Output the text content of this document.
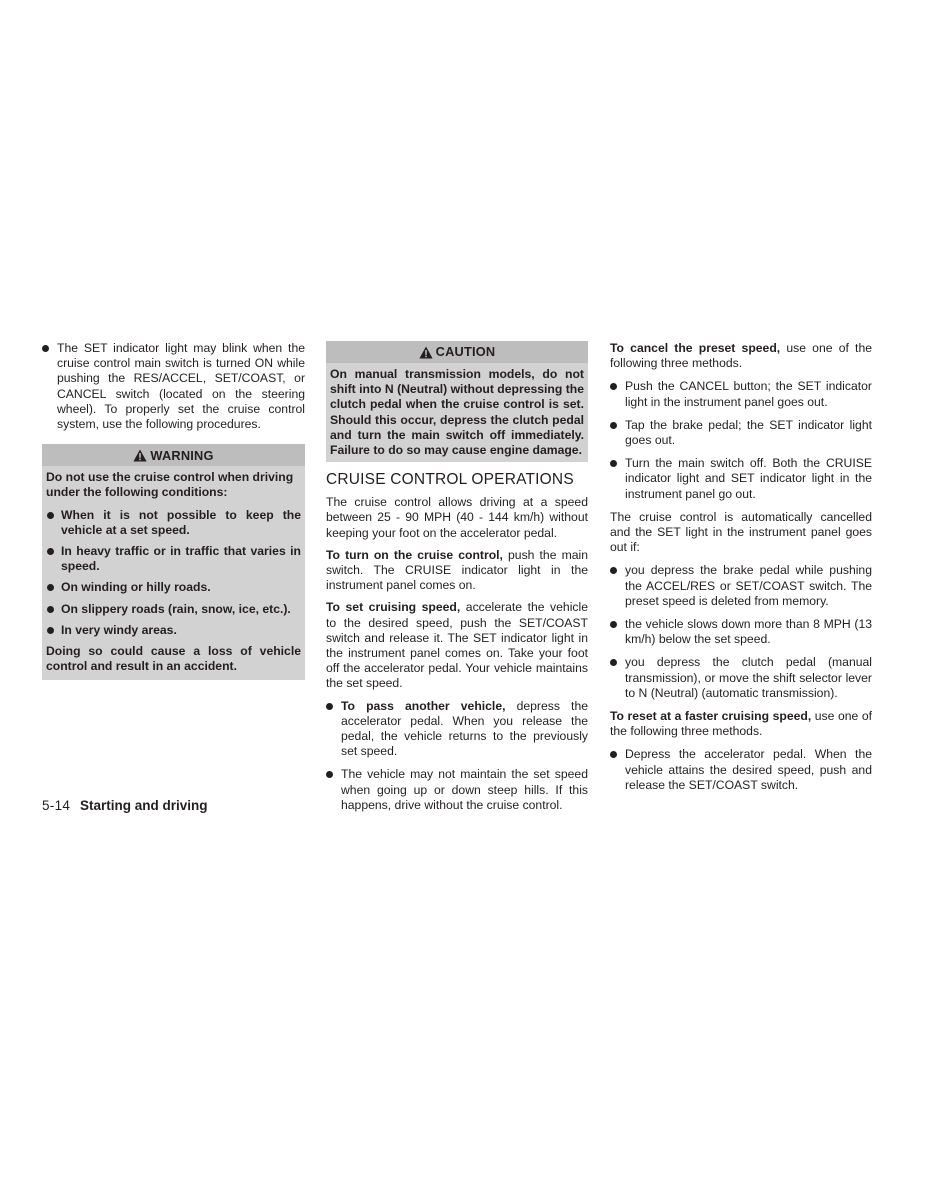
The SET indicator light may blink when the cruise control main switch is turned ON while pushing the RES/ACCEL, SET/COAST, or CANCEL switch (located on the steering wheel). To properly set the cruise control system, use the following procedures.
WARNING

Do not use the cruise control when driving under the following conditions:

When it is not possible to keep the vehicle at a set speed.
In heavy traffic or in traffic that varies in speed.
On winding or hilly roads.
On slippery roads (rain, snow, ice, etc.).
In very windy areas.

Doing so could cause a loss of vehicle control and result in an accident.

CAUTION

On manual transmission models, do not shift into N (Neutral) without depressing the clutch pedal when the cruise control is set. Should this occur, depress the clutch pedal and turn the main switch off immediately. Failure to do so may cause engine damage.

CRUISE CONTROL OPERATIONS

The cruise control allows driving at a speed between 25 - 90 MPH (40 - 144 km/h) without keeping your foot on the accelerator pedal.

To turn on the cruise control, push the main switch. The CRUISE indicator light in the instrument panel comes on.

To set cruising speed, accelerate the vehicle to the desired speed, push the SET/COAST switch and release it. The SET indicator light in the instrument panel comes on. Take your foot off the accelerator pedal. Your vehicle maintains the set speed.

To pass another vehicle, depress the accelerator pedal. When you release the pedal, the vehicle returns to the previously set speed.
The vehicle may not maintain the set speed when going up or down steep hills. If this happens, drive without the cruise control.

To cancel the preset speed, use one of the following three methods.

Push the CANCEL button; the SET indicator light in the instrument panel goes out.
Tap the brake pedal; the SET indicator light goes out.
Turn the main switch off. Both the CRUISE indicator light and SET indicator light in the instrument panel go out.

The cruise control is automatically cancelled and the SET light in the instrument panel goes out if:

you depress the brake pedal while pushing the ACCEL/RES or SET/COAST switch. The preset speed is deleted from memory.
the vehicle slows down more than 8 MPH (13 km/h) below the set speed.
you depress the clutch pedal (manual transmission), or move the shift selector lever to N (Neutral) (automatic transmission).

To reset at a faster cruising speed, use one of the following three methods.

Depress the accelerator pedal. When the vehicle attains the desired speed, push and release the SET/COAST switch.
5-14 Starting and driving
